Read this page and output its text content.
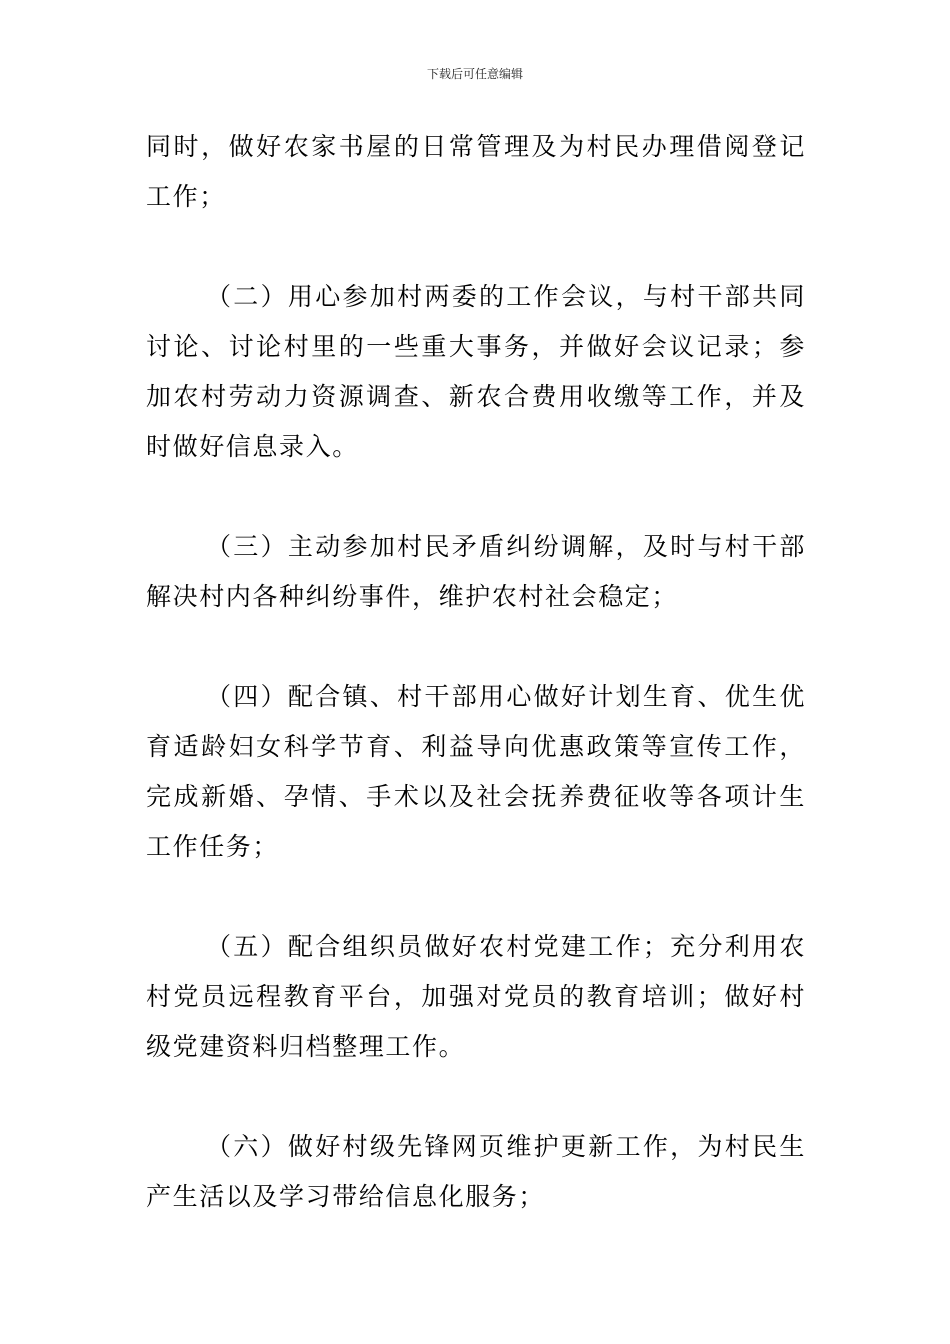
下载后可任意编辑

同时，做好农家书屋的日常管理及为村民办理借阅登记工作；

（二）用心参加村两委的工作会议，与村干部共同讨论、讨论村里的一些重大事务，并做好会议记录；参加农村劳动力资源调查、新农合费用收缴等工作，并及时做好信息录入。

（三）主动参加村民矛盾纠纷调解，及时与村干部解决村内各种纠纷事件，维护农村社会稳定；

（四）配合镇、村干部用心做好计划生育、优生优育适龄妇女科学节育、利益导向优惠政策等宣传工作，完成新婚、孕情、手术以及社会抚养费征收等各项计生工作任务；

（五）配合组织员做好农村党建工作；充分利用农村党员远程教育平台，加强对党员的教育培训；做好村级党建资料归档整理工作。

（六）做好村级先锋网页维护更新工作，为村民生产生活以及学习带给信息化服务；
